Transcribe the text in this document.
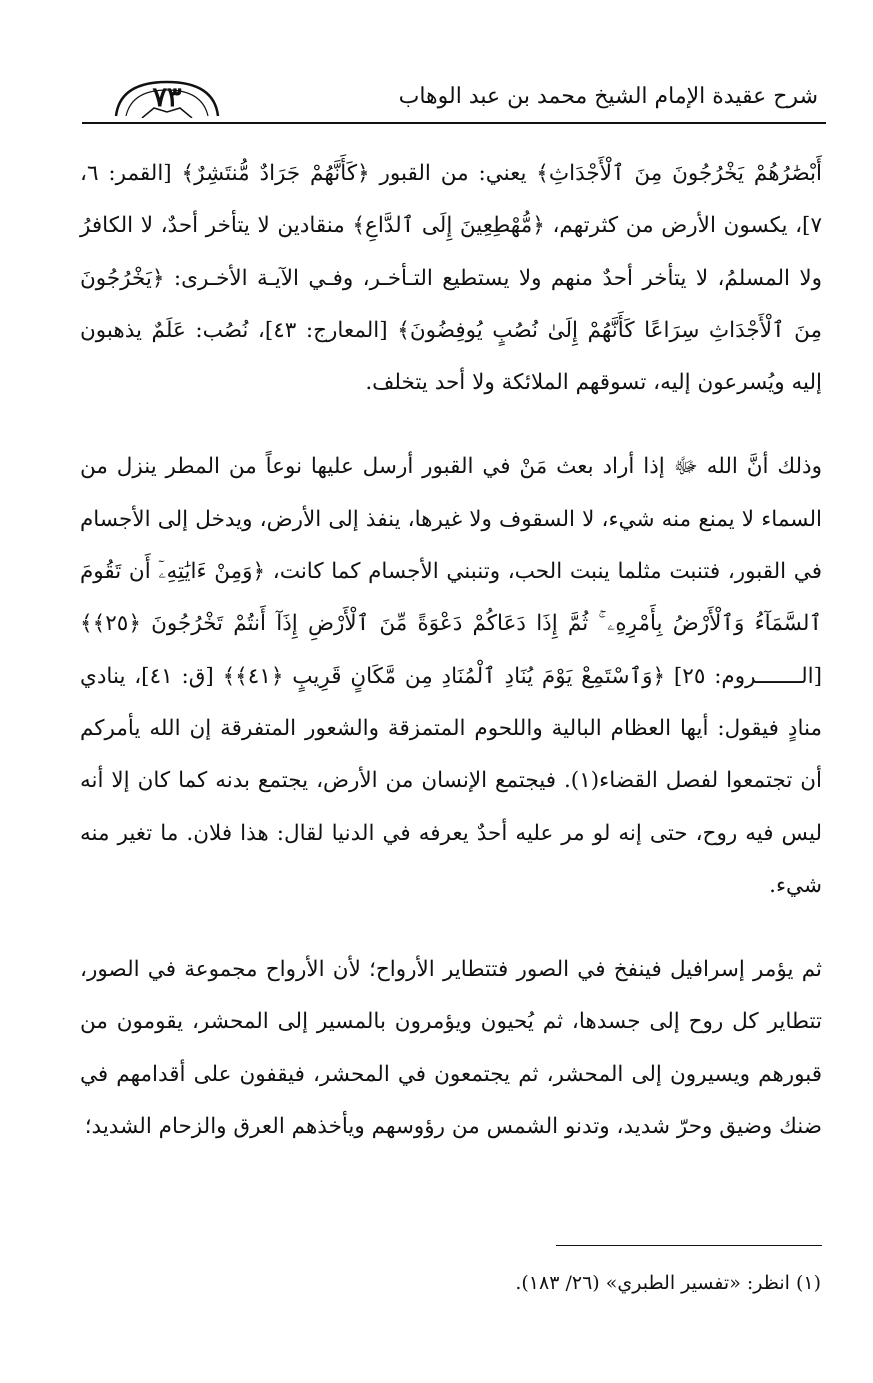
٧٣	شرح عقيدة الإمام الشيخ محمد بن عبد الوهاب

أَبْصَٰرُهُمْ يَخْرُجُونَ مِنَ ٱلْأَجْدَاثِ﴾ يعني: من القبور ﴿كَأَنَّهُمْ جَرَادٌ مُّنتَشِرٌ﴾ [القمر: ٦، ٧]، يكسون الأرض من كثرتهم، ﴿مُّهْطِعِينَ إِلَى ٱلدَّاعِ﴾ منقادين لا يتأخر أحدٌ، لا الكافرُ ولا المسلمُ، لا يتأخر أحدٌ منهم ولا يستطيع التـأخـر، وفـي الآيـة الأخـرى: ﴿يَخْرُجُونَ مِنَ ٱلْأَجْدَاثِ سِرَاعًا كَأَنَّهُمْ إِلَىٰ نُصُبٍ يُوفِضُونَ﴾ [المعارج: ٤٣]، نُصُب: عَلَمٌ يذهبون إليه ويُسرعون إليه، تسوقهم الملائكة ولا أحد يتخلف.

وذلك أنَّ الله ﷻ إذا أراد بعث مَنْ في القبور أرسل عليها نوعاً من المطر ينزل من السماء لا يمنع منه شيء، لا السقوف ولا غيرها، ينفذ إلى الأرض، ويدخل إلى الأجسام في القبور، فتنبت مثلما ينبت الحب، وتنبني الأجسام كما كانت، ﴿وَمِنْ ءَايَٰتِهِۦٓ أَن تَقُومَ ٱلسَّمَآءُ وَٱلْأَرْضُ بِأَمْرِهِۦ ۚ ثُمَّ إِذَا دَعَاكُمْ دَعْوَةً مِّنَ ٱلْأَرْضِ إِذَآ أَنتُمْ تَخْرُجُونَ ﴿٢٥﴾﴾ [الـــــــروم: ٢٥] ﴿وَٱسْتَمِعْ يَوْمَ يُنَادِ ٱلْمُنَادِ مِن مَّكَانٍ قَرِيبٍ ﴿٤١﴾﴾ [ق: ٤١]، ينادي منادٍ فيقول: أيها العظام البالية واللحوم المتمزقة والشعور المتفرقة إن الله يأمركم أن تجتمعوا لفصل القضاء(١). فيجتمع الإنسان من الأرض، يجتمع بدنه كما كان إلا أنه ليس فيه روح، حتى إنه لو مر عليه أحدٌ يعرفه في الدنيا لقال: هذا فلان. ما تغير منه شيء.

ثم يؤمر إسرافيل فينفخ في الصور فتتطاير الأرواح؛ لأن الأرواح مجموعة في الصور، تتطاير كل روح إلى جسدها، ثم يُحيون ويؤمرون بالمسير إلى المحشر، يقومون من قبورهم ويسيرون إلى المحشر، ثم يجتمعون في المحشر، فيقفون على أقدامهم في ضنك وضيق وحرّ شديد، وتدنو الشمس من رؤوسهم ويأخذهم العرق والزحام الشديد؛

(١) انظر: «تفسير الطبري» (٢٦/ ١٨٣).
